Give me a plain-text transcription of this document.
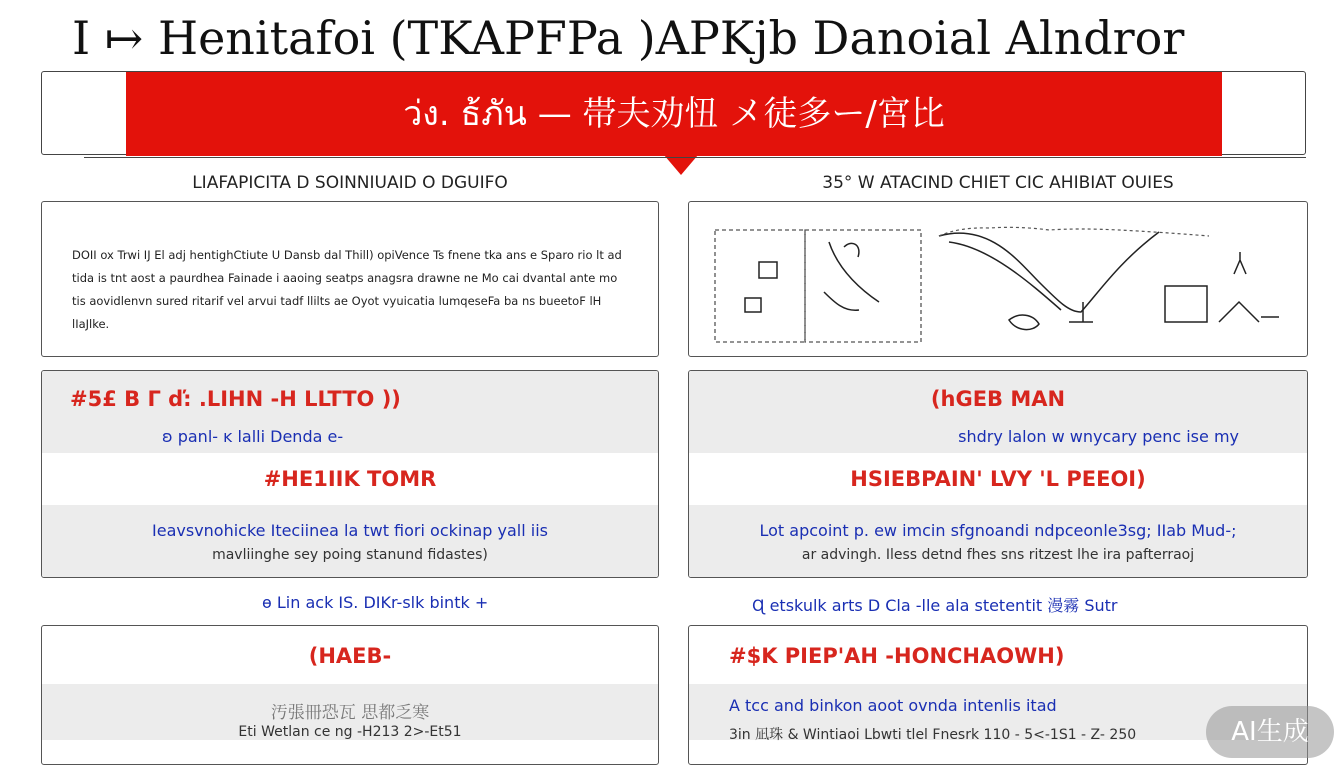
I ↦ Henitafoi (TKAPFPa )APKjb Danoial Alndror
ว่ง. ธ้ภัน — 帯夫劝忸 メ徒多ー/宮比
LIAFAPICITA D SOINNIUAID O DGUIFO	35° W ATACIND CHIET CIC AHIBIAT OUIES
DOII ox Trwi IJ El adj hentighCtiute U Dansb dal Thill) opiVence Ts fnene tka ans e Sparo rio lt ad tida is tnt aost a paurdhea Fainade i aaoing seatps anagsra drawne ne Mo cai dvantal ante mo tis aovidlenvn sured ritarif vel arvui tadf llilts ae Oyot vyuicatia lumqeseFa ba ns bueetoF lH lIaJlke.
#5£ B Г ď: .LIHN -H LLTTO ))
ʚ panl- ᴋ lalli Denda e-
#HE1IIK TOMR
Ieavsvnohicke Iteciinea la twt fiori ockinap yall iis
mavliinghe sey poing stanund fidastes)
(hGEB MAN
shdry lalon w wnycary penc ise my
HSIEBPAIN' LVY 'L PEEOI)
Lot apcoint p. ew imcin sfgnoandi ndpceonle3sg; IIab Mud-;
ar advingh. Iless detnd fhes sns ritzest lhe ira pafterraoj
ɵ Lin ack IS. DIKr-slk bintk +	Ɋ etskulk arts D Cla -lle ala stetentit 漫霧 Sutr
(HAEB-
汚張冊恐瓦 思都乏寒
Eti Wetlan ce ng -H213 2>-Et51
#$K PIEP'AH -HONCHAOWH)
A tcc and binkon aoot ovnda intenlis itad
3in 凪珠 & Wintiaoi Lbwti tlel Fnesrk 110 - 5<-1S1 - Z- 250	AI生成
